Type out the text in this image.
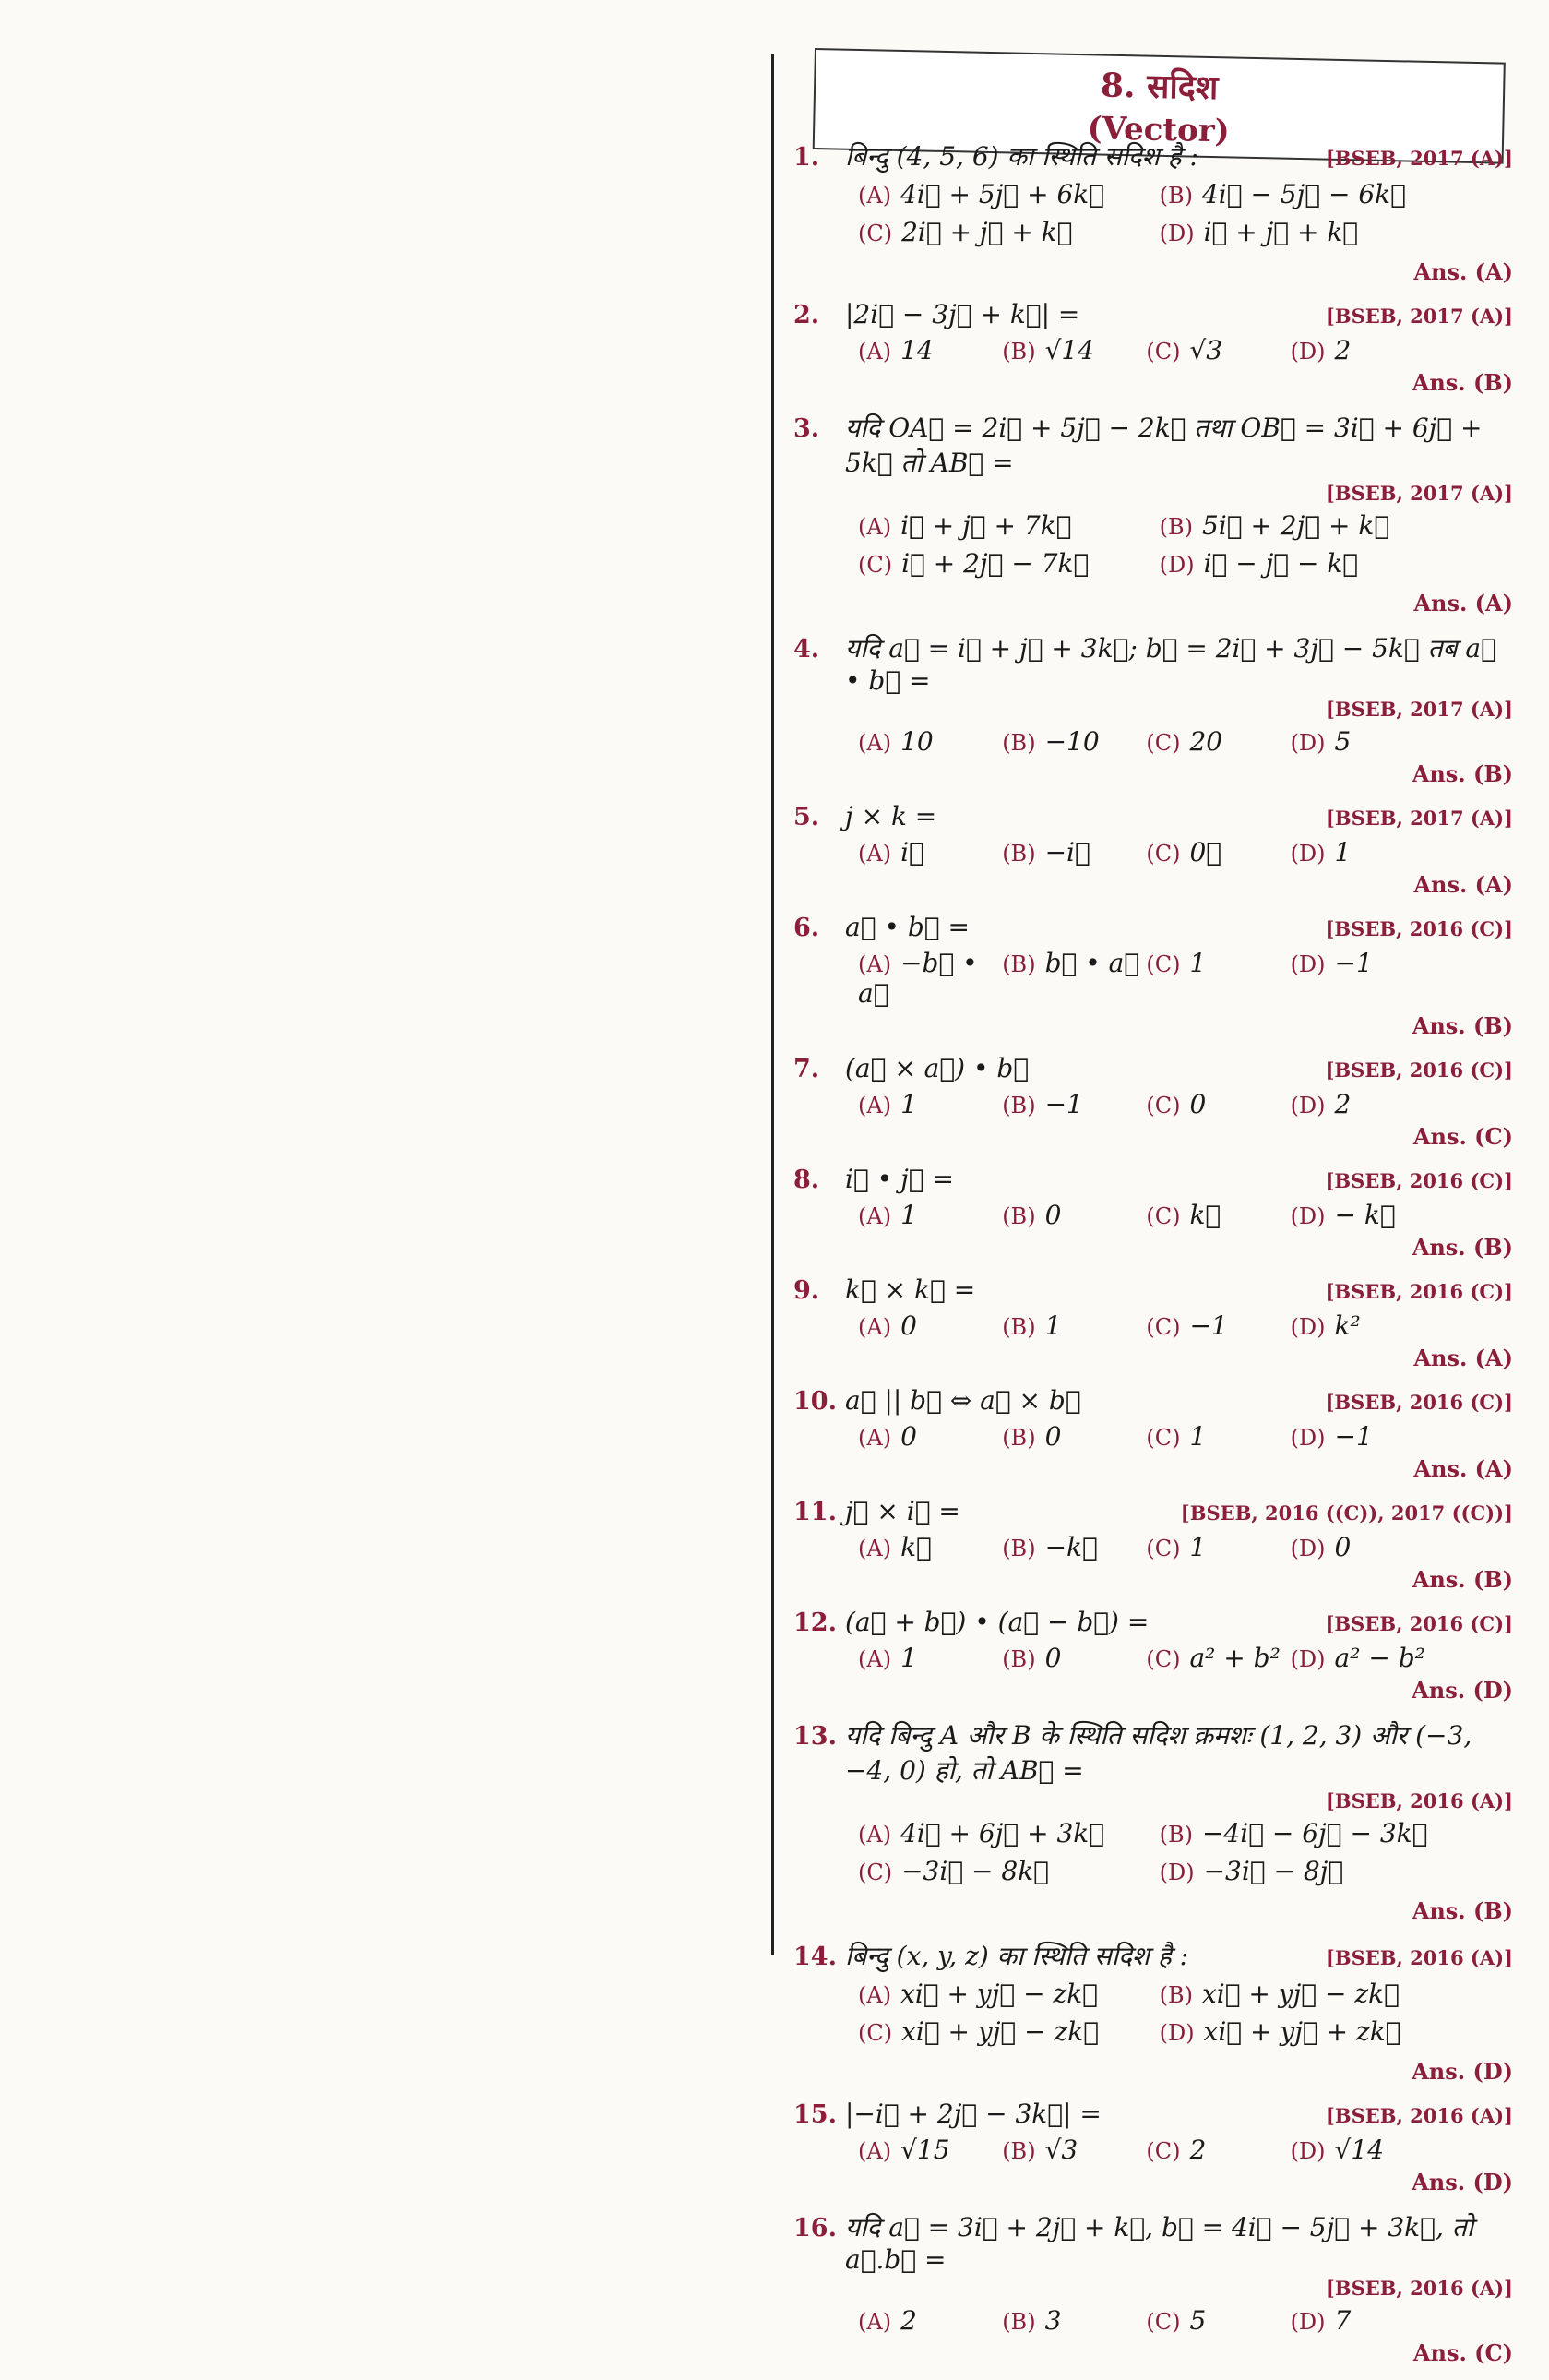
8. सदिश
(Vector)
1. बिन्दु (4, 5, 6) का स्थिति सदिश है :	[BSEB, 2017 (A)]
(A) 4i⃗ + 5j⃗ + 6k⃗	(B) 4i⃗ − 5j⃗ − 6k⃗
(C) 2i⃗ + j⃗ + k⃗	(D) i⃗ + j⃗ + k⃗
Ans. (A)
2. |2i⃗ − 3j⃗ + k⃗| =	[BSEB, 2017 (A)]
(A) 14	(B) √14	(C) √3	(D) 2
Ans. (B)
3. यदि OA⃗ = 2i⃗ + 5j⃗ − 2k⃗ तथा OB⃗ = 3i⃗ + 6j⃗ + 5k⃗ तो AB⃗ =
[BSEB, 2017 (A)]
(A) i⃗ + j⃗ + 7k⃗	(B) 5i⃗ + 2j⃗ + k⃗
(C) i⃗ + 2j⃗ − 7k⃗	(D) i⃗ − j⃗ − k⃗
Ans. (A)
4. यदि a⃗ = i⃗ + j⃗ + 3k⃗; b⃗ = 2i⃗ + 3j⃗ − 5k⃗ तब a⃗ • b⃗ =
[BSEB, 2017 (A)]
(A) 10	(B) −10	(C) 20	(D) 5
Ans. (B)
5. j × k =	[BSEB, 2017 (A)]
(A) i⃗	(B) −i⃗	(C) 0⃗	(D) 1
Ans. (A)
6. a⃗ • b⃗ =	[BSEB, 2016 (C)]
(A) −b⃗ • a⃗
(B) b⃗ • a⃗ (C) 1	(D) −1
Ans. (B)
7. (a⃗ × a⃗) • b⃗	[BSEB, 2016 (C)]
(A) 1	(B) −1	(C) 0	(D) 2
Ans. (C)
8. i⃗ • j⃗ =	[BSEB, 2016 (C)]
(A) 1	(B) 0	(C) k⃗	(D) − k⃗
Ans. (B)
9. k⃗ × k⃗ =	[BSEB, 2016 (C)]
(A) 0	(B) 1	(C) −1	(D) k²
Ans. (A)
10. a⃗ || b⃗ ⇔ a⃗ × b⃗	[BSEB, 2016 (C)]
(A) 0	(B) 0	(C) 1	(D) −1
Ans. (A)
11. j⃗ × i⃗ =	[BSEB, 2016 ((C)), 2017 ((C))]
(A) k⃗	(B) −k⃗	(C) 1	(D) 0
Ans. (B)
12. (a⃗ + b⃗) • (a⃗ − b⃗) =	[BSEB, 2016 (C)]
(A) 1	(B) 0	(C) a² + b² (D) a² − b²
Ans. (D)
13. यदि बिन्दु A और B के स्थिति सदिश क्रमशः (1, 2, 3) और (−3, −4, 0) हो, तो AB⃗ =
[BSEB, 2016 (A)]
(A) 4i⃗ + 6j⃗ + 3k⃗	(B) −4i⃗ − 6j⃗ − 3k⃗
(C) −3i⃗ − 8k⃗	(D) −3i⃗ − 8j⃗
Ans. (B)
14. बिन्दु (x, y, z) का स्थिति सदिश है :	[BSEB, 2016 (A)]
(A) xi⃗ + yj⃗ − zk⃗	(B) xi⃗ + yj⃗ − zk⃗
(C) xi⃗ + yj⃗ − zk⃗	(D) xi⃗ + yj⃗ + zk⃗
Ans. (D)
15. |−i⃗ + 2j⃗ − 3k⃗| =	[BSEB, 2016 (A)]
(A) √15	(B) √3	(C) 2	(D) √14
Ans. (D)
16. यदि a⃗ = 3i⃗ + 2j⃗ + k⃗, b⃗ = 4i⃗ − 5j⃗ + 3k⃗, तो a⃗.b⃗ =
[BSEB, 2016 (A)]
(A) 2	(B) 3	(C) 5	(D) 7
Ans. (C)
